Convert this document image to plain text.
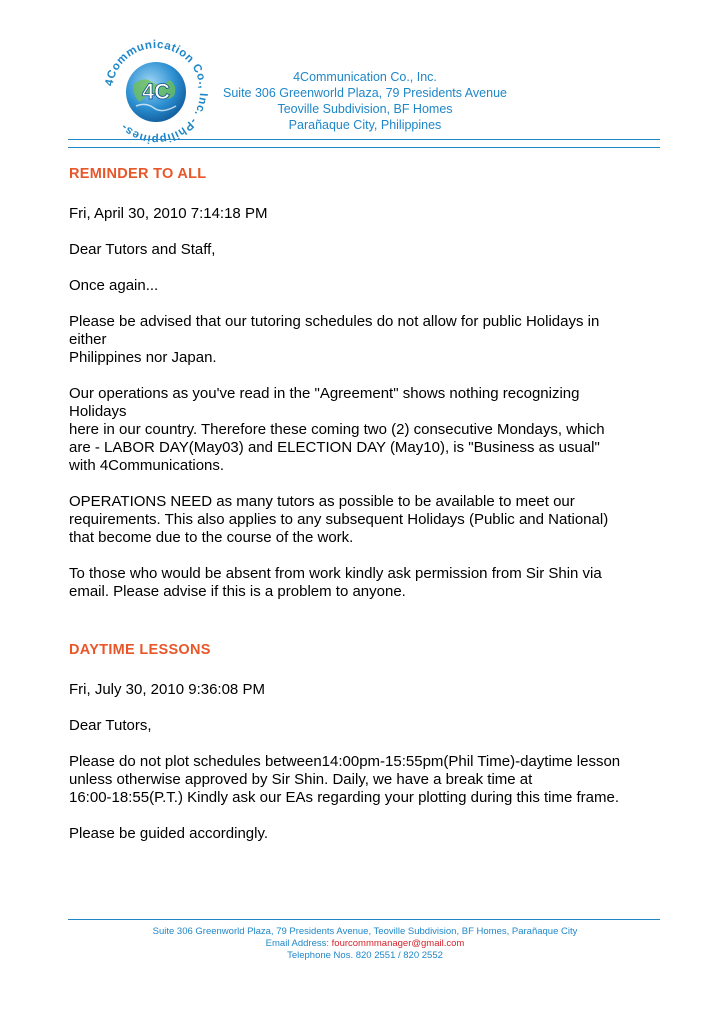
4C
4Communication Co., Inc. -Philippines-
4Communication Co., Inc.
Suite 306 Greenworld Plaza, 79 Presidents Avenue
Teoville Subdivision, BF Homes
Parañaque City, Philippines
REMINDER TO ALL
Fri, April 30, 2010 7:14:18 PM
Dear Tutors and Staff,
Once again...
Please be advised that our tutoring schedules do not allow for public Holidays in
either
Philippines nor Japan.
Our operations as you've read in the "Agreement" shows nothing recognizing
Holidays
here in our country. Therefore these coming two (2) consecutive Mondays, which
are - LABOR DAY(May03) and ELECTION DAY (May10), is "Business as usual"
with 4Communications.
OPERATIONS NEED as many tutors as possible to be available to meet our
requirements. This also applies to any subsequent Holidays (Public and National)
that become due to the course of the work.
To those who would be absent from work kindly ask permission from Sir Shin via
email. Please advise if this is a problem to anyone.
DAYTIME LESSONS
Fri, July 30, 2010 9:36:08 PM
Dear Tutors,
Please do not plot schedules between14:00pm-15:55pm(Phil Time)-daytime lesson
unless otherwise approved by Sir Shin. Daily, we have a break time at
16:00-18:55(P.T.) Kindly ask our EAs regarding your plotting during this time frame.
Please be guided accordingly.
Suite 306 Greenworld Plaza, 79 Presidents Avenue, Teoville Subdivision, BF Homes, Parañaque City
Email Address: fourcommmanager@gmail.com
Telephone Nos. 820 2551 / 820 2552
